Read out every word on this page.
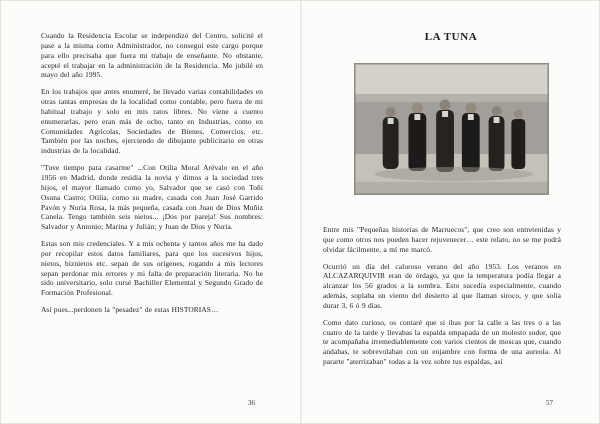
Cuando la Residencia Escolar se independizó del Centro, solicité el pase a la misma como Administrador, no conseguí este cargo porque para ello precisaba que fuera mi trabajo de enseñante. No obstante, acepté el trabajar en la administración de la Residencia. Me jubilé en mayo del año 1995.

En los trabajos que antes enumeré, he llevado varias contabilidades en otras tantas empresas de la localidad como contable, pero fuera de mi habitual trabajo y solo en mis ratos libres. No viene a cuento enumerarlas, pero eran más de ocho, tanto en Industrias, como en Comunidades Agrícolas, Sociedades de Bienes, Comercios, etc. También por las noches, ejerciendo de dibujante publicitario en otras industrias de la localidad.

"Tuve tiempo para casarme" ...Con Otilia Moral Arévalo en el año 1956 en Madrid, donde residía la novia y dimos a la sociedad tres hijos, el mayor llamado como yo, Salvador que se casó con Toñi Osuna Castro; Otilia, como su madre, casada con Juan José Garrido Pavón y Nuria Rosa, la más pequeña, casada con Juan de Dios Muñiz Canela. Tengo también seis nietos... ¡Dos por pareja! Sus nombres: Salvador y Antonio; Marina y Julián; y Juan de Dios y Nuria.

Estas son mis credenciales. Y a mis ochenta y tantos años me ha dado por recopilar estos datos familiares, para que los sucesivos hijos, nietos, biznietos etc. sepan de sus orígenes, rogando a mis lectores sepan perdonar mis errores y mi falta de preparación literaria. No he sido universitario, solo cursé Bachiller Elemental y Segundo Grado de Formación Profesional.

Así pues...perdonen la "pesadez" de estas HISTORIAS…

36
LA TUNA

Entre mis "Pequeñas historias de Marruecos", que creo son entretenidas y que como otros nos pueden hacer rejuvenecer… este relato, no se me podrá olvidar fácilmente, a mí me marcó.

Ocurrió un día del caluroso verano del año 1953. Los veranos en ALCAZARQUIVIR eran de órdago, ya que la temperatura podía llegar a alcanzar los 56 grados a la sombra. Esto sucedía especialmente, cuando además, soplaba un viento del desierto al que llaman siroco, y que solía durar 3, 6 ó 9 días.

Como dato curioso, os contaré que si ibas por la calle a las tres o a las cuatro de la tarde y llevabas la espalda empapada de un molesto sudor, que te acompañaba irremediablemente con varios cientos de moscas que, cuando andabas, te sobrevolaban con un enjambre con forma de una aureola. Al pararte "aterrizaban" todas a la vez sobre tus espaldas, así

57
